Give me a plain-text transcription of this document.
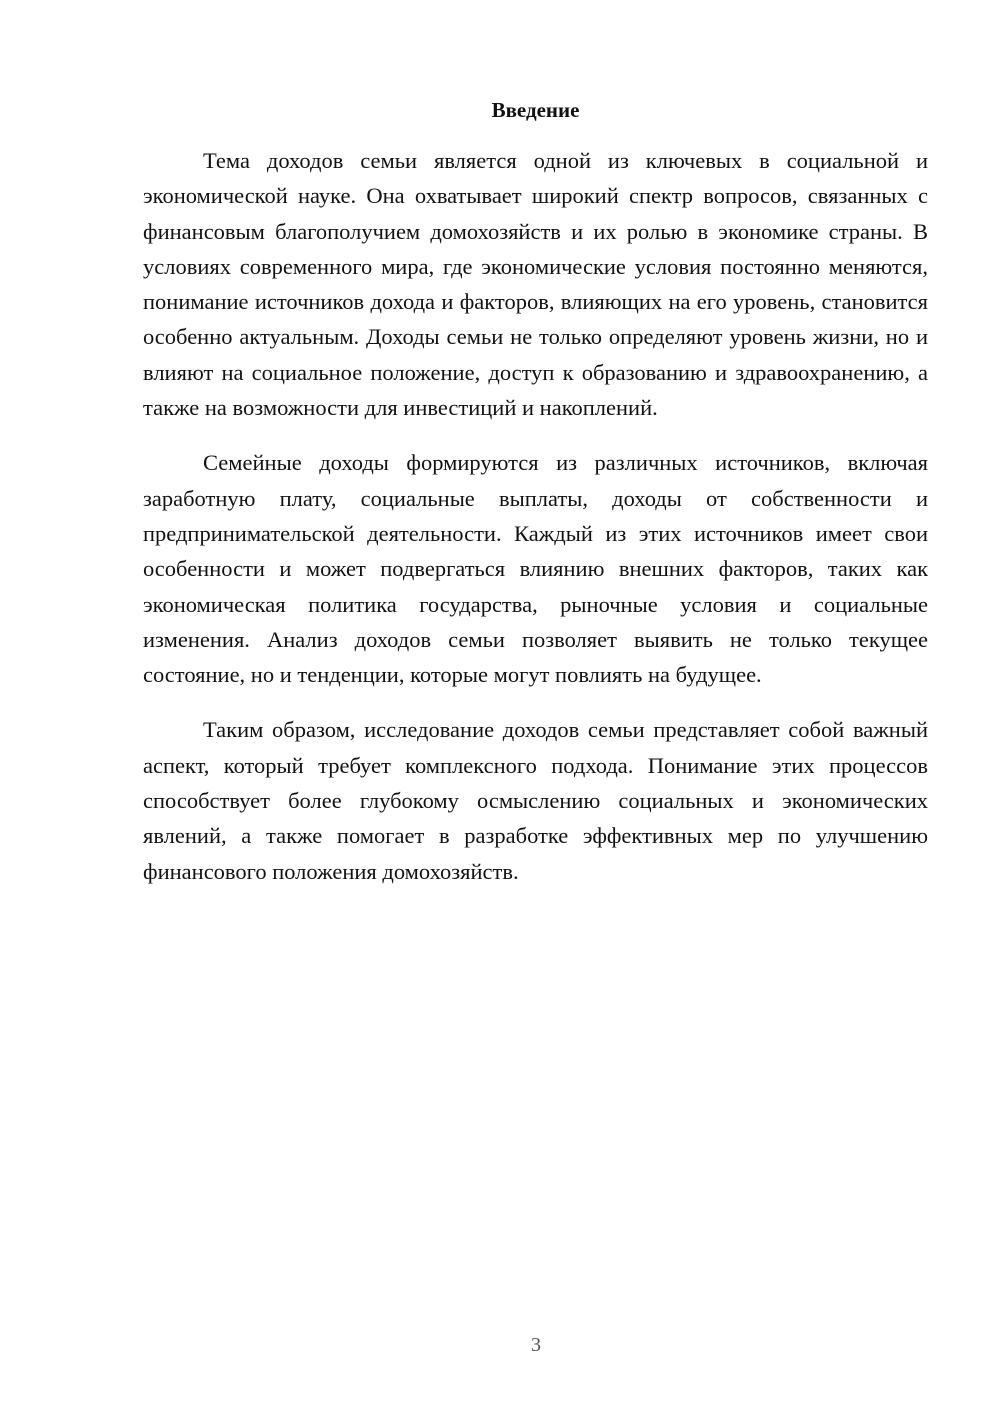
Введение

Тема доходов семьи является одной из ключевых в социальной и экономической науке. Она охватывает широкий спектр вопросов, связанных с финансовым благополучием домохозяйств и их ролью в экономике страны. В условиях современного мира, где экономические условия постоянно меняются, понимание источников дохода и факторов, влияющих на его уровень, становится особенно актуальным. Доходы семьи не только определяют уровень жизни, но и влияют на социальное положение, доступ к образованию и здравоохранению, а также на возможности для инвестиций и накоплений.

Семейные доходы формируются из различных источников, включая заработную плату, социальные выплаты, доходы от собственности и предпринимательской деятельности. Каждый из этих источников имеет свои особенности и может подвергаться влиянию внешних факторов, таких как экономическая политика государства, рыночные условия и социальные изменения. Анализ доходов семьи позволяет выявить не только текущее состояние, но и тенденции, которые могут повлиять на будущее.

Таким образом, исследование доходов семьи представляет собой важный аспект, который требует комплексного подхода. Понимание этих процессов способствует более глубокому осмыслению социальных и экономических явлений, а также помогает в разработке эффективных мер по улучшению финансового положения домохозяйств.

3
